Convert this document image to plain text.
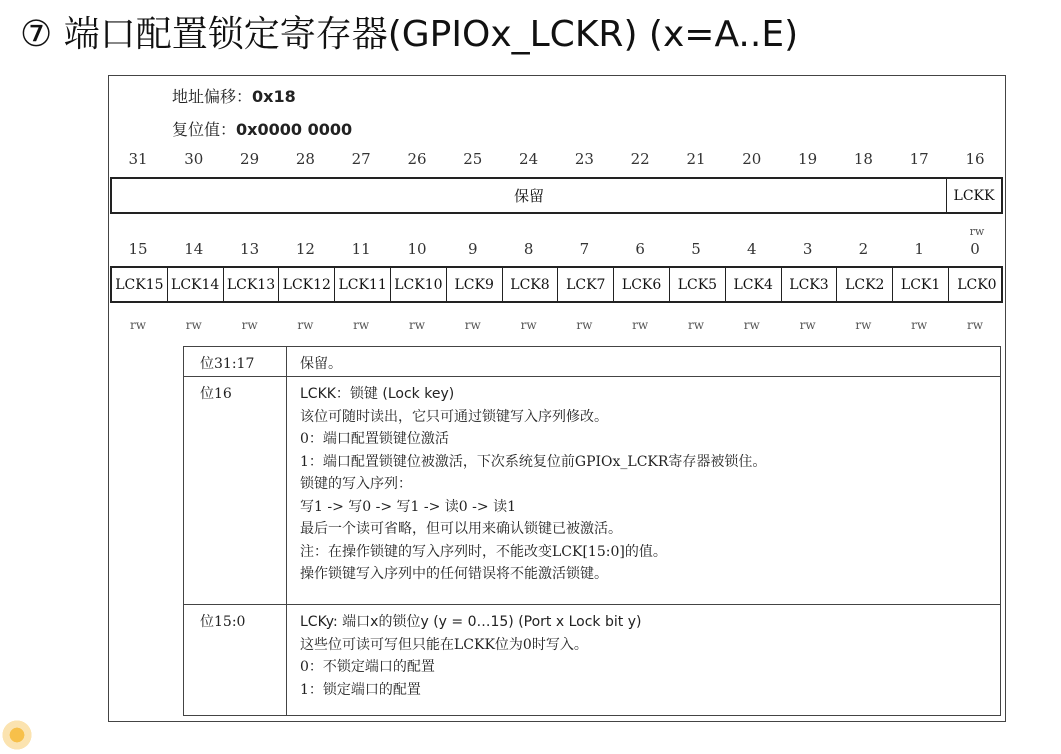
⑦ 端口配置锁定寄存器(GPIOx_LCKR) (x=A..E)
地址偏移：0x18
复位值：0x0000 0000
31	30	29	28	27	26	25	24	23	22	21	20	19	18	17	16
保留	LCKK
rw
15	14	13	12	11	10	9	8	7	6	5	4	3	2	1	0
LCK15 LCK14 LCK13 LCK12 LCK11 LCK10 LCK9	LCK8	LCK7	LCK6	LCK5	LCK4	LCK3	LCK2	LCK1	LCK0
rw	rw	rw	rw	rw	rw	rw	rw	rw	rw	rw	rw	rw	rw	rw	rw
位31:17	保留。
位16	LCKK：锁键 (Lock key)
该位可随时读出，它只可通过锁键写入序列修改。
0：端口配置锁键位激活
1：端口配置锁键位被激活，下次系统复位前GPIOx_LCKR寄存器被锁住。
锁键的写入序列：
写1 -> 写0 -> 写1 -> 读0 -> 读1
最后一个读可省略，但可以用来确认锁键已被激活。
注：在操作锁键的写入序列时，不能改变LCK[15:0]的值。
操作锁键写入序列中的任何错误将不能激活锁键。
位15:0	LCKy: 端口x的锁位y (y = 0…15) (Port x Lock bit y)
这些位可读可写但只能在LCKK位为0时写入。
0：不锁定端口的配置
1：锁定端口的配置
